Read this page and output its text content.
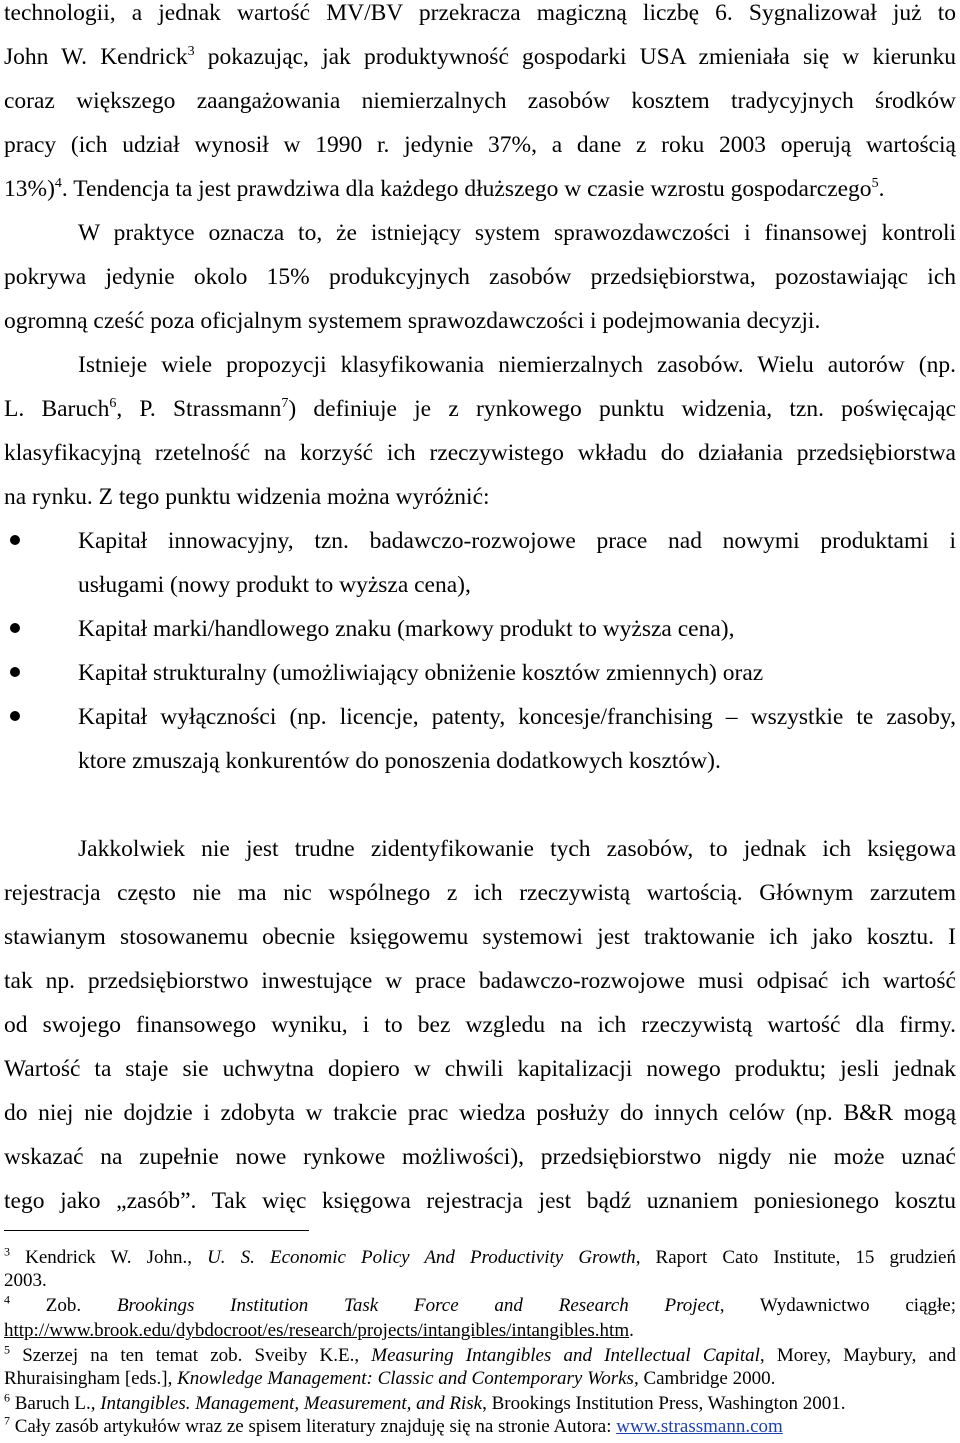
technologii, a jednak wartość MV/BV przekracza magiczną liczbę 6. Sygnalizował już to
John W. Kendrick$^3$ pokazując, jak produktywność gospodarki USA zmieniała się w kierunku
coraz większego zaangażowania niemierzalnych zasobów kosztem tradycyjnych środków
pracy (ich udział wynosił w 1990 r. jedynie 37%, a dane z roku 2003 operują wartością
13%)$^4$. Tendencja ta jest prawdziwa dla każdego dłuższego w czasie wzrostu gospodarczego$^5$.
W praktyce oznacza to, że istniejący system sprawozdawczości i finansowej kontroli
pokrywa jedynie okolo 15% produkcyjnych zasobów przedsiębiorstwa, pozostawiając ich
ogromną cześć poza oficjalnym systemem sprawozdawczości i podejmowania decyzji.
Istnieje wiele propozycji klasyfikowania niemierzalnych zasobów. Wielu autorów (np.
L. Baruch$^6$, P. Strassmann$^7$) definiuje je z rynkowego punktu widzenia, tzn. poświęcając
klasyfikacyjną rzetelność na korzyść ich rzeczywistego wkładu do działania przedsiębiorstwa
na rynku. Z tego punktu widzenia można wyróżnić:
Kapitał innowacyjny, tzn. badawczo-rozwojowe prace nad nowymi produktami i
usługami (nowy produkt to wyższa cena),
Kapitał marki/handlowego znaku (markowy produkt to wyższa cena),
Kapitał strukturalny (umożliwiający obniżenie kosztów zmiennych) oraz
Kapitał wyłączności (np. licencje, patenty, koncesje/franchising – wszystkie te zasoby,
ktore zmuszają konkurentów do ponoszenia dodatkowych kosztów).
Jakkolwiek nie jest trudne zidentyfikowanie tych zasobów, to jednak ich księgowa
rejestracja często nie ma nic wspólnego z ich rzeczywistą wartością. Głównym zarzutem
stawianym stosowanemu obecnie księgowemu systemowi jest traktowanie ich jako kosztu. I
tak np. przedsiębiorstwo inwestujące w prace badawczo-rozwojowe musi odpisać ich wartość
od swojego finansowego wyniku, i to bez wzgledu na ich rzeczywistą wartość dla firmy.
Wartość ta staje sie uchwytna dopiero w chwili kapitalizacji nowego produktu; jesli jednak
do niej nie dojdzie i zdobyta w trakcie prac wiedza posłuży do innych celów (np. B&R mogą
wskazać na zupełnie nowe rynkowe możliwości), przedsiębiorstwo nigdy nie może uznać
tego jako „zasób”. Tak więc księgowa rejestracja jest bądź uznaniem poniesionego kosztu
$^3$ Kendrick W. John., U. S. Economic Policy And Productivity Growth, Raport Cato Institute, 15 grudzień
2003.
$^4$ Zob. Brookings Institution Task Force and Research Project, Wydawnictwo ciągłe;
http://www.brook.edu/dybdocroot/es/research/projects/intangibles/intangibles.htm.
$^5$ Szerzej na ten temat zob. Sveiby K.E., Measuring Intangibles and Intellectual Capital, Morey, Maybury, and
Rhuraisingham [eds.], Knowledge Management: Classic and Contemporary Works, Cambridge 2000.
$^6$ Baruch L., Intangibles. Management, Measurement, and Risk, Brookings Institution Press, Washington 2001.
$^7$ Cały zasób artykułów wraz ze spisem literatury znajduję się na stronie Autora: www.strassmann.com
